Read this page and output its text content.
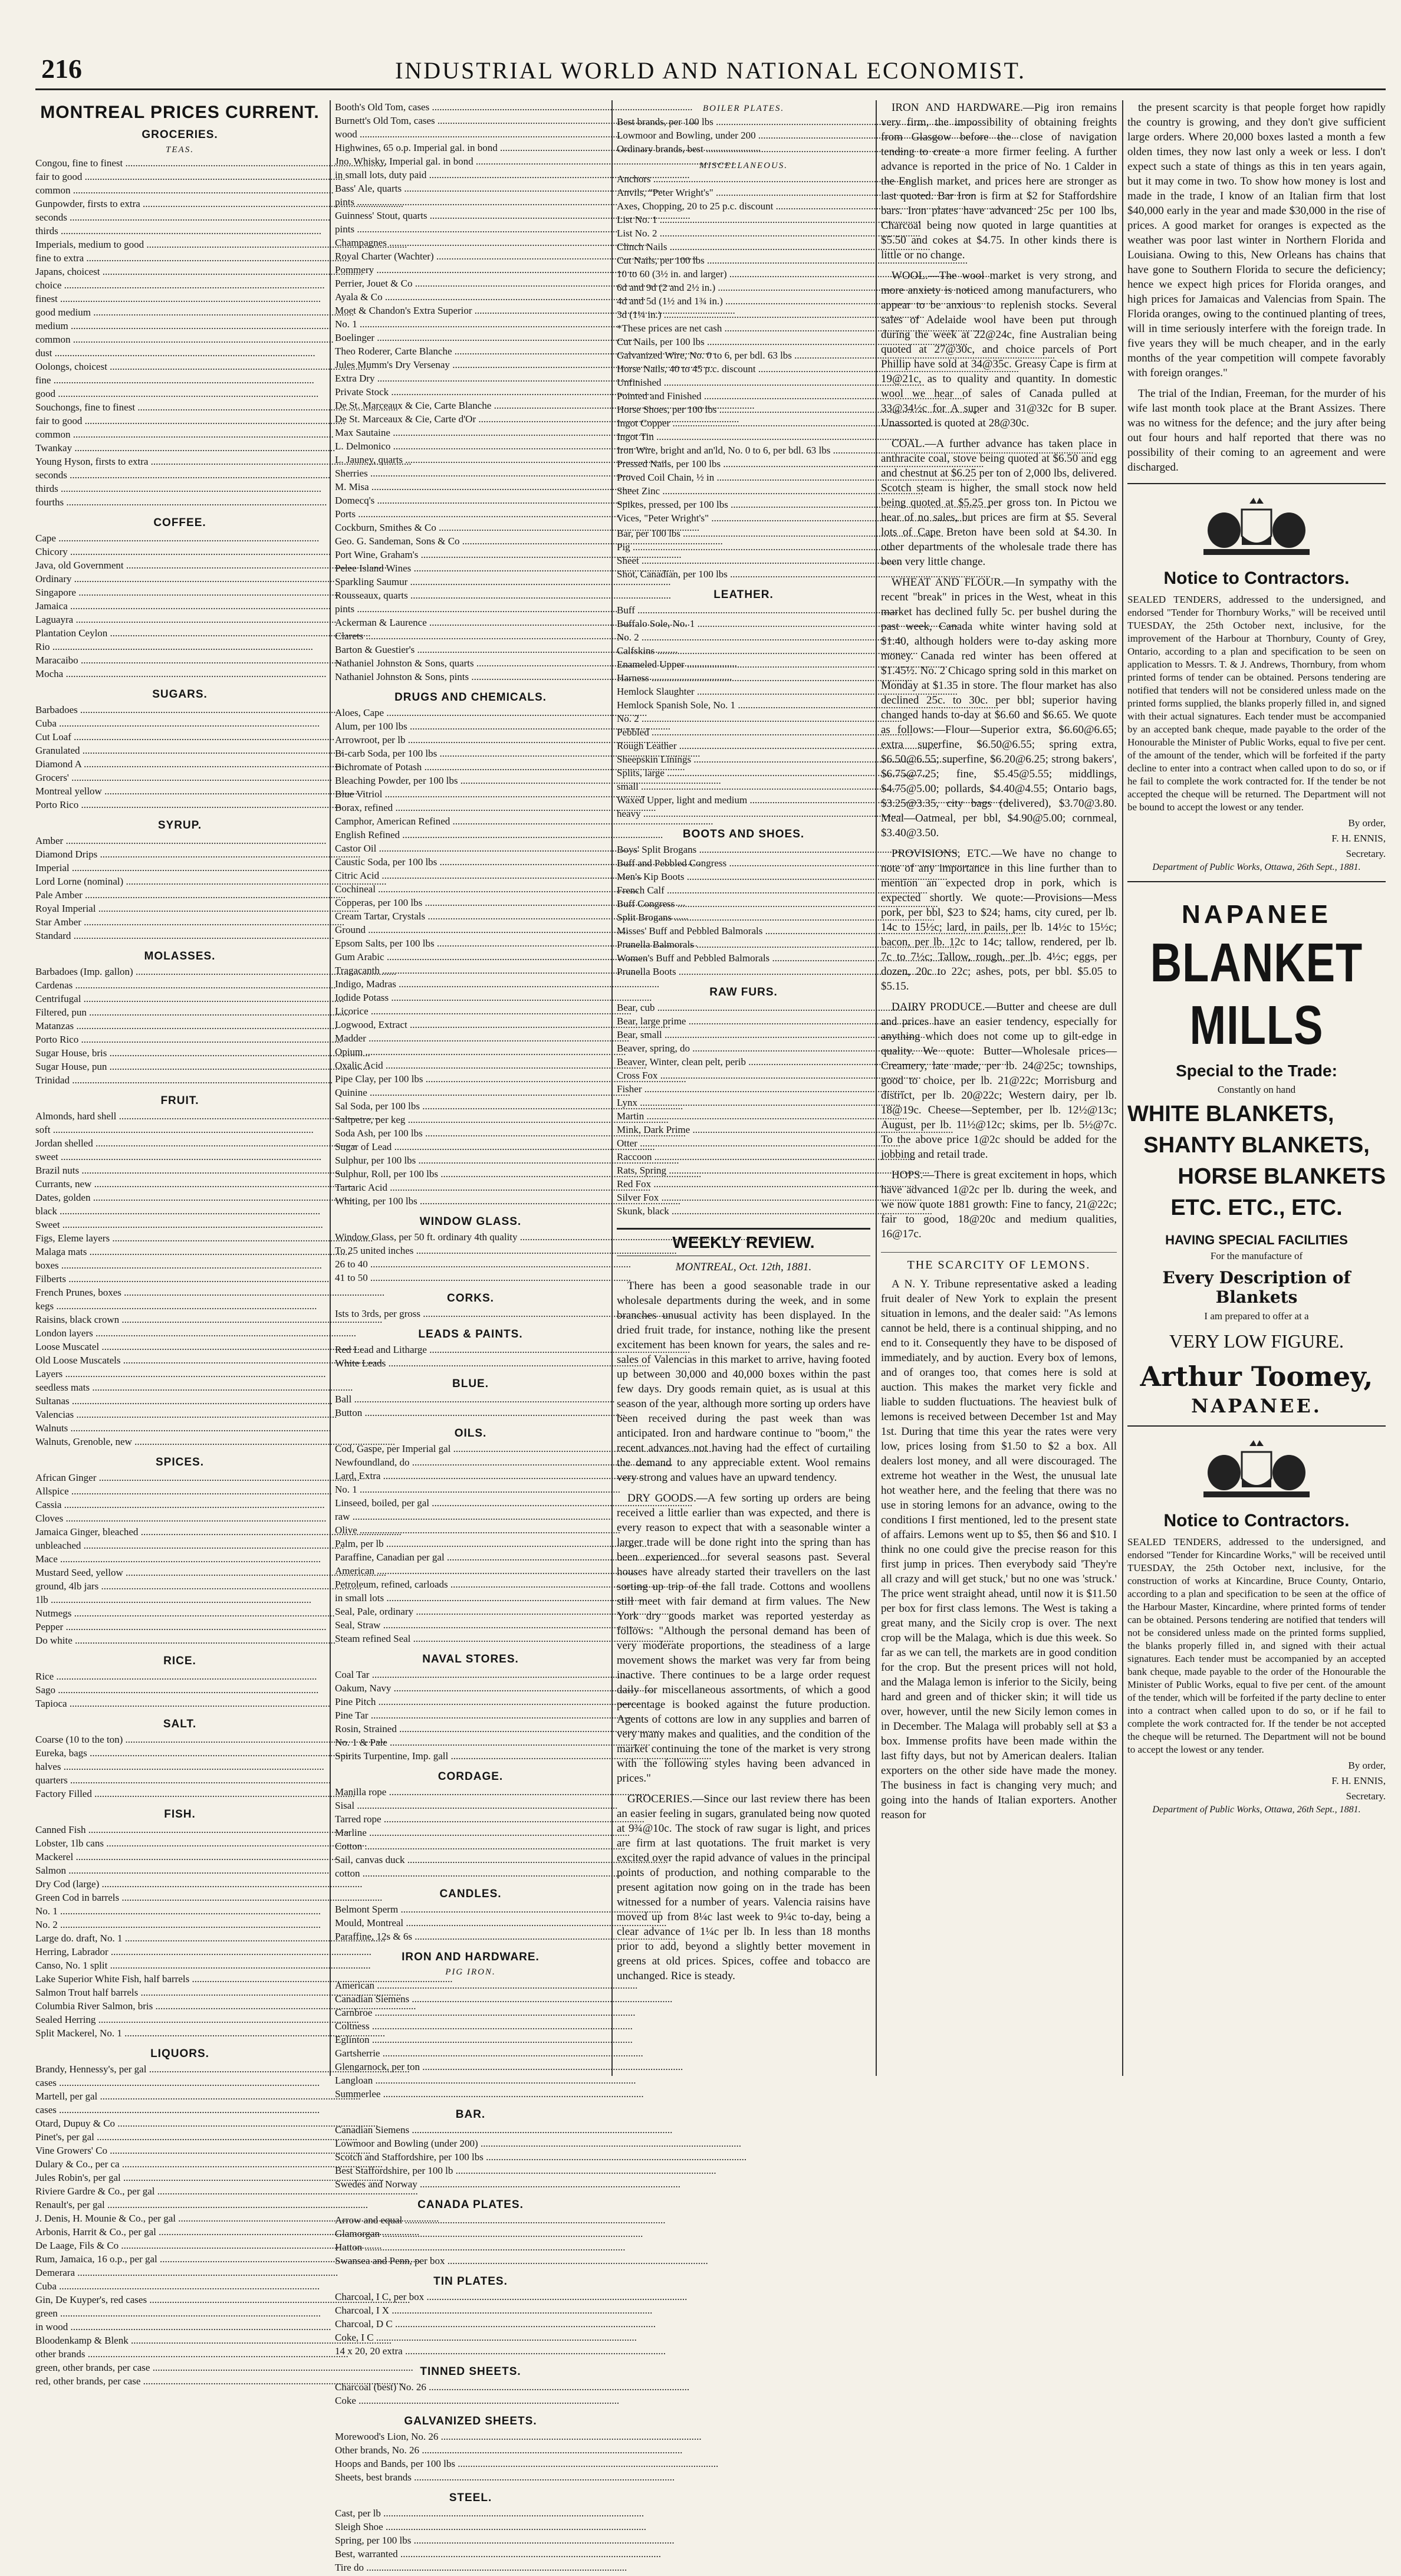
216	INDUSTRIAL WORLD AND NATIONAL ECONOMIST.
MONTREAL PRICES CURRENT.
GROCERIES.
TEAS.
Congou, fine to finest .....
fair to good .....
common .....
Gunpowder, firsts to extra .....
seconds .....
thirds .....
Imperials, medium to good .....
fine to extra .....
Japans, choicest .....
choice .....
finest .....
good medium .....
medium .....
common .....
dust .....
Oolongs, choicest .....
fine .....
good .....
Souchongs, fine to finest .....
fair to good .....
common .....
Twankay .....
Young Hyson, firsts to extra .....
seconds .....
thirds .....
fourths .....
COFFEE.
Cape .....
Chicory .....
Java, old Government .....
Ordinary .....
Singapore .....
Jamaica .....
Laguayra .....
Plantation Ceylon .....
Rio .....
Maracaibo .....
Mocha .....
SUGARS.
Barbadoes .....
Cuba .....
Cut Loaf .....
Granulated .....
Diamond A .....
Grocers' .....
Montreal yellow .....
Porto Rico .....
SYRUP.
Amber .....
Diamond Drips .....
Imperial .....
Lord Lorne (nominal) .....
Pale Amber .....
Royal Imperial .....
Star Amber .....
Standard .....
MOLASSES.
Barbadoes (Imp. gallon) .....
Cardenas .....
Centrifugal .....
Filtered, pun .....
Matanzas .....
Porto Rico .....
Sugar House, bris .....
Sugar House, pun .....
Trinidad .....
FRUIT.
Almonds, hard shell .....
soft .....
Jordan shelled .....
sweet .....
Brazil nuts .....
Currants, new .....
Dates, golden .....
black .....
Sweet .....
Figs, Eleme layers .....
Malaga mats .....
boxes .....
Filberts .....
French Prunes, boxes .....
kegs .....
Raisins, black crown .....
London layers .....
Loose Muscatel .....
Old Loose Muscatels .....
Layers .....
seedless mats .....
Sultanas .....
Valencias .....
Walnuts .....
Walnuts, Grenoble, new .....
SPICES.
African Ginger .....
Allspice .....
Cassia .....
Cloves .....
Jamaica Ginger, bleached .....
unbleached .....
Mace .....
Mustard Seed, yellow .....
ground, 4lb jars .....
1lb .....
Nutmegs .....
Pepper .....
Do white .....
RICE.
Rice .....
Sago .....
Tapioca .....
SALT.
Coarse (10 to the ton) .....
Eureka, bags .....
halves .....
quarters .....
Factory Filled .....
FISH.
Canned Fish .....
Lobster, 1lb cans .....
Mackerel .....
Salmon .....
Dry Cod (large) .....
Green Cod in barrels .....
No. 1 .....
No. 2 .....
Large do. draft, No. 1 .....
Herring, Labrador .....
Canso, No. 1 split .....
Lake Superior White Fish, half barrels .....
Salmon Trout half barrels .....
Columbia River Salmon, bris .....
Sealed Herring .....
Split Mackerel, No. 1 .....
LIQUORS.
Brandy, Hennessy's, per gal .....
cases .....
Martell, per gal .....
cases .....
Otard, Dupuy & Co .....
Pinet's, per gal .....
Vine Growers' Co .....
Dulary & Co., per ca .....
Jules Robin's, per gal .....
Riviere Gardre & Co., per gal .....
Renault's, per gal .....
J. Denis, H. Mounie & Co., per gal .....
Arbonis, Harrit & Co., per gal .....
De Laage, Fils & Co .....
Rum, Jamaica, 16 o.p., per gal .....
Demerara .....
Cuba .....
Gin, De Kuyper's, red cases .....
green .....
in wood .....
Bloodenkamp & Blenk .....
other brands .....
green, other brands, per case .....
red, other brands, per case .....
Booth's Old Tom, cases .....
Burnett's Old Tom, cases .....
wood .....
Highwines, 65 o.p. Imperial gal. in bond .....
Jno. Whisky, Imperial gal. in bond .....
in small lots, duty paid .....
Bass' Ale, quarts .....
pints .....
Guinness' Stout, quarts .....
pints .....
Champagnes .....
Royal Charter (Wachter) .....
Pommery .....
Perrier, Jouet & Co .....
Ayala & Co .....
Moet & Chandon's Extra Superior .....
No. 1 .....
Boelinger .....
Theo Roderer, Carte Blanche .....
Jules Mumm's Dry Versenay .....
Extra Dry .....
Private Stock .....
De St. Marceaux & Cie, Carte Blanche .....
De St. Marceaux & Cie, Carte d'Or .....
Max Sautaine .....
L. Delmonico .....
L. Jauney, quarts .....
Sherries .....
M. Misa .....
Domecq's .....
Ports .....
Cockburn, Smithes & Co .....
Geo. G. Sandeman, Sons & Co .....
Port Wine, Graham's .....
Pelee Island Wines .....
Sparkling Saumur .....
Rousseaux, quarts .....
pints .....
Ackerman & Laurence .....
Clarets .....
Barton & Guestier's .....
Nathaniel Johnston & Sons, quarts .....
Nathaniel Johnston & Sons, pints .....
DRUGS AND CHEMICALS.
Aloes, Cape .....
Alum, per 100 lbs .....
Arrowroot, per lb .....
Bi-carb Soda, per 100 lbs .....
Bichromate of Potash .....
Bleaching Powder, per 100 lbs .....
Blue Vitriol .....
Borax, refined .....
Camphor, American Refined .....
English Refined .....
Castor Oil .....
Caustic Soda, per 100 lbs .....
Citric Acid .....
Cochineal .....
Copperas, per 100 lbs .....
Cream Tartar, Crystals .....
Ground .....
Epsom Salts, per 100 lbs .....
Gum Arabic .....
Tragacanth .....
Indigo, Madras .....
Iodide Potass .....
Licorice .....
Logwood, Extract .....
Madder .....
Opium .....
Oxalic Acid .....
Pipe Clay, per 100 lbs .....
Quinine .....
Sal Soda, per 100 lbs .....
Saltpetre, per keg .....
Soda Ash, per 100 lbs .....
Sugar of Lead .....
Sulphur, per 100 lbs .....
Sulphur, Roll, per 100 lbs .....
Tartaric Acid .....
Whiting, per 100 lbs .....
WINDOW GLASS.
Window Glass, per 50 ft. ordinary 4th quality .....
To 25 united inches .....
26 to 40 .....
41 to 50 .....
CORKS.
Ists to 3rds, per gross .....
LEADS & PAINTS.
Red Lead and Litharge .....
White Leads .....
BLUE.
Ball .....
Button .....
OILS.
Cod, Gaspe, per Imperial gal .....
Newfoundland, do .....
Lard, Extra .....
No. 1 .....
Linseed, boiled, per gal .....
raw .....
Olive .....
Palm, per lb .....
Paraffine, Canadian per gal .....
American .....
Petroleum, refined, carloads .....
in small lots .....
Seal, Pale, ordinary .....
Seal, Straw .....
Steam refined Seal .....
NAVAL STORES.
Coal Tar .....
Oakum, Navy .....
Pine Pitch .....
Pine Tar .....
Rosin, Strained .....
No. 1 & Pale .....
Spirits Turpentine, Imp. gall .....
CORDAGE.
Manilla rope .....
Sisal .....
Tarred rope .....
Marline .....
Cotton .....
Sail, canvas duck .....
cotton .....
CANDLES.
Belmont Sperm .....
Mould, Montreal .....
Paraffine, 12s & 6s .....
IRON AND HARDWARE.
PIG IRON.
American .....
Canadian Siemens .....
Carnbroe .....
Coltness .....
Eglinton .....
Gartsherrie .....
Glengarnock, per ton .....
Langloan .....
Summerlee .....
BAR.
Canadian Siemens .....
Lowmoor and Bowling (under 200) .....
Scotch and Staffordshire, per 100 lbs .....
Best Staffordshire, per 100 lb .....
Swedes and Norway .....
CANADA PLATES.
Arrow and equal .....
Glamorgan .....
Hatton .....
Swansea and Penn, per box .....
TIN PLATES.
Charcoal, I C, per box .....
Charcoal, I X .....
Charcoal, D C .....
Coke, I C .....
14 x 20, 20 extra .....
TINNED SHEETS.
Charcoal (best) No. 26 .....
Coke .....
GALVANIZED SHEETS.
Morewood's Lion, No. 26 .....
Other brands, No. 26 .....
Hoops and Bands, per 100 lbs .....
Sheets, best brands .....
STEEL.
Cast, per lb .....
Sleigh Shoe .....
Spring, per 100 lbs .....
Best, warranted .....
Tire do .....
BOILER PLATES.
Best brands, per 100 lbs .....
Lowmoor and Bowling, under 200 .....
Ordinary brands, best .....
MISCELLANEOUS.
Anchors .....
Anvils, "Peter Wright's" .....
Axes, Chopping, 20 to 25 p.c. discount .....
List No. 1 .....
List No. 2 .....
Clinch Nails .....
Cut Nails, per 100 lbs .....
10 to 60 (3½ in. and larger) .....
6d and 9d (2 and 2½ in.) .....
4d and 5d (1½ and 1¾ in.) .....
3d (1¼ in.) .....
*These prices are net cash .....
Cut Nails, per 100 lbs .....
Galvanized Wire, No. 0 to 6, per bdl. 63 lbs .....
Horse Nails, 40 to 45 p.c. discount .....
Unfinished .....
Pointed and Finished .....
Horse Shoes, per 100 lbs .....
Ingot Copper .....
Ingot Tin .....
Iron Wire, bright and an'ld, No. 0 to 6, per bdl. 63 lbs .....
Pressed Nails, per 100 lbs .....
Proved Coil Chain, ½ in .....
Sheet Zinc .....
Spikes, pressed, per 100 lbs .....
Vices, "Peter Wright's" .....
Bar, per 100 lbs .....
Pig .....
Sheet .....
Shot, Canadian, per 100 lbs .....
LEATHER.
Buff .....
Buffalo Sole, No. 1 .....
No. 2 .....
Calfskins .....
Enameled Upper .....
Harness .....
Hemlock Slaughter .....
Hemlock Spanish Sole, No. 1 .....
No. 2 .....
Pebbled .....
Rough Leather .....
Sheepskin Linings .....
Splits, large .....
small .....
Waxed Upper, light and medium .....
heavy .....
BOOTS AND SHOES.
Boys' Split Brogans .....
Buff and Pebbled Congress .....
Men's Kip Boots .....
French Calf .....
Buff Congress .....
Split Brogans .....
Misses' Buff and Pebbled Balmorals .....
Prunella Balmorals .....
Women's Buff and Pebbled Balmorals .....
Prunella Boots .....
RAW FURS.
Bear, cub .....
Bear, large prime .....
Bear, small .....
Beaver, spring, do .....
Beaver, Winter, clean pelt, perib .....
Cross Fox .....
Fisher .....
Lynx .....
Martin .....
Mink, Dark Prime .....
Otter .....
Raccoon .....
Rats, Spring .....
Red Fox .....
Silver Fox .....
Skunk, black .....
WEEKLY REVIEW.
MONTREAL, Oct. 12th, 1881.

There has been a good seasonable trade in our wholesale departments during the week, and in some branches unusual activity has been displayed. In the dried fruit trade, for instance, nothing like the present excitement has been known for years, the sales and re-sales of Valencias in this market to arrive, having footed up between 30,000 and 40,000 boxes within the past few days. Dry goods remain quiet, as is usual at this season of the year, although more sorting up orders have been received during the past week than was anticipated. Iron and hardware continue to "boom," the recent advances not having had the effect of curtailing the demand to any appreciable extent. Wool remains very strong and values have an upward tendency.

DRY GOODS.—A few sorting up orders are being received a little earlier than was expected, and there is every reason to expect that with a seasonable winter a larger trade will be done right into the spring than has been experienced for several seasons past. Several houses have already started their travellers on the last sorting up trip of the fall trade. Cottons and woollens still meet with fair demand at firm values. The New York dry goods market was reported yesterday as follows: "Although the personal demand has been of very moderate proportions, the steadiness of a large movement shows the market was very far from being inactive. There continues to be a large order request daily for miscellaneous assortments, of which a good percentage is booked against the future production. Agents of cottons are low in any supplies and barren of very many makes and qualities, and the condition of the market continuing the tone of the market is very strong with the following styles having been advanced in prices."

GROCERIES.—Since our last review there has been an easier feeling in sugars, granulated being now quoted at 9¾@10c. The stock of raw sugar is light, and prices are firm at last quotations. The fruit market is very excited over the rapid advance of values in the principal points of production, and nothing comparable to the present agitation now going on in the trade has been witnessed for a number of years. Valencia raisins have moved up from 8¼c last week to 9¼c to-day, being a clear advance of 1¼c per lb. In less than 18 months prior to add, beyond a slightly better movement in greens at old prices. Spices, coffee and tobacco are unchanged. Rice is steady.

IRON AND HARDWARE.—Pig iron remains very firm, the impossibility of obtaining freights from Glasgow before the close of navigation tending to create a more firmer feeling. A further advance is reported in the price of No. 1 Calder in the English market, and prices here are stronger as last quoted. Bar Iron is firm at $2 for Staffordshire bars. Iron plates have advanced 25c per 100 lbs, Charcoal being now quoted in large quantities at $5.50 and cokes at $4.75. In other kinds there is little or no change.

WOOL.—The wool market is very strong, and more anxiety is noticed among manufacturers, who appear to be anxious to replenish stocks. Several sales of Adelaide wool have been put through during the week at 22@24c, fine Australian being quoted at 27@30c, and choice parcels of Port Phillip have sold at 34@35c. Greasy Cape is firm at 19@21c, as to quality and quantity. In domestic wool we hear of sales of Canada pulled at 33@34½c for A super and 31@32c for B super. Unassorted is quoted at 28@30c.

COAL.—A further advance has taken place in anthracite coal, stove being quoted at $6.50 and egg and chestnut at $6.25 per ton of 2,000 lbs, delivered. Scotch steam is higher, the small stock now held being quoted at $5.25 per gross ton. In Pictou we hear of no sales, but prices are firm at $5. Several lots of Cape Breton have been sold at $4.30. In other departments of the wholesale trade there has been very little change.

WHEAT AND FLOUR.—In sympathy with the recent "break" in prices in the West, wheat in this market has declined fully 5c. per bushel during the past week, Canada white winter having sold at $1.40, although holders were to-day asking more money. Canada red winter has been offered at $1.45½. No. 2 Chicago spring sold in this market on Monday at $1.35 in store. The flour market has also declined 25c. to 30c. per bbl; superior having changed hands to-day at $6.60 and $6.65. We quote as follows:—Flour—Superior extra, $6.60@6.65; extra superfine, $6.50@6.55; spring extra, $6.50@6.55; superfine, $6.20@6.25; strong bakers', $6.75@7.25; fine, $5.45@5.55; middlings, $4.75@5.00; pollards, $4.40@4.55; Ontario bags, $3.25@3.35, city bags (delivered), $3.70@3.80. Meal—Oatmeal, per bbl, $4.90@5.00; cornmeal, $3.40@3.50.

PROVISIONS, ETC.—We have no change to note of any importance in this line further than to mention an expected drop in pork, which is expected shortly. We quote:—Provisions—Mess pork, per bbl, $23 to $24; hams, city cured, per lb. 14c to 15½c; lard, in pails, per lb. 14½c to 15½c; bacon, per lb. 12c to 14c; tallow, rendered, per lb. 7c to 7½c; Tallow, rough, per lb. 4½c; eggs, per dozen, 20c to 22c; ashes, pots, per bbl. $5.05 to $5.15.

DAIRY PRODUCE.—Butter and cheese are dull and prices have an easier tendency, especially for anything which does not come up to gilt-edge in quality. We quote: Butter—Wholesale prices—Creamery, late made, per lb. 24@25c; townships, good to choice, per lb. 21@22c; Morrisburg and district, per lb. 20@22c; Western dairy, per lb. 18@19c. Cheese—September, per lb. 12½@13c; August, per lb. 11½@12c; skims, per lb. 5½@7c. To the above price 1@2c should be added for the jobbing and retail trade.

HOPS.—There is great excitement in hops, which have advanced 1@2c per lb. during the week, and we now quote 1881 growth: Fine to fancy, 21@22c; fair to good, 18@20c and medium qualities, 16@17c.

THE SCARCITY OF LEMONS.

A N. Y. Tribune representative asked a leading fruit dealer of New York to explain the present situation in lemons, and the dealer said: "As lemons cannot be held, there is a continual shipping, and no end to it. Consequently they have to be disposed of immediately, and by auction. Every box of lemons, and of oranges too, that comes here is sold at auction. This makes the market very fickle and liable to sudden fluctuations. The heaviest bulk of lemons is received between December 1st and May 1st. During that time this year the rates were very low, prices losing from $1.50 to $2 a box. All dealers lost money, and all were discouraged. The extreme hot weather in the West, the unusual late hot weather here, and the feeling that there was no use in storing lemons for an advance, owing to the conditions I first mentioned, led to the present state of affairs. Lemons went up to $5, then $6 and $10. I think no one could give the precise reason for this first jump in prices. Then everybody said 'They're all crazy and will get stuck,' but no one was 'struck.' The price went straight ahead, until now it is $11.50 per box for first class lemons. The West is taking a great many, and the Sicily crop is over. The next crop will be the Malaga, which is due this week. So far as we can tell, the markets are in good condition for the crop. But the present prices will not hold, and the Malaga lemon is inferior to the Sicily, being hard and green and of thicker skin; it will tide us over, however, until the new Sicily lemon comes in in December. The Malaga will probably sell at $3 a box. Immense profits have been made within the last fifty days, but not by American dealers. Italian exporters on the other side have made the money. The business in fact is changing very much; and going into the hands of Italian exporters. Another reason for

the present scarcity is that people forget how rapidly the country is growing, and they don't give sufficient large orders. Where 20,000 boxes lasted a month a few olden times, they now last only a week or less. I don't expect such a state of things as this in ten years again, but it may come in two. To show how money is lost and made in the trade, I know of an Italian firm that lost $40,000 early in the year and made $30,000 in the rise of prices. A good market for oranges is expected as the weather was poor last winter in Northern Florida and Louisiana. Owing to this, New Orleans has chains that have gone to Southern Florida to secure the deficiency; hence we expect high prices for Florida oranges, and high prices for Jamaicas and Valencias from Spain. The Florida oranges, owing to the continued planting of trees, will in time seriously interfere with the foreign trade. In five years they will be much cheaper, and in the early months of the year competition will compete favorably with foreign oranges."

The trial of the Indian, Freeman, for the murder of his wife last month took place at the Brant Assizes. There was no witness for the defence; and the jury after being out four hours and half reported that there was no possibility of their coming to an agreement and were discharged.

Notice to Contractors.
SEALED TENDERS, addressed to the undersigned, and endorsed "Tender for Thornbury Works," will be received until TUESDAY, the 25th October next, inclusive, for the improvement of the Harbour at Thornbury, County of Grey, Ontario, according to a plan and specification to be seen on application to Messrs. T. & J. Andrews, Thornbury, from whom printed forms of tender can be obtained. Persons tendering are notified that tenders will not be considered unless made on the printed forms supplied, the blanks properly filled in, and signed with their actual signatures. Each tender must be accompanied by an accepted bank cheque, made payable to the order of the Honourable the Minister of Public Works, equal to five per cent. of the amount of the tender, which will be forfeited if the party decline to enter into a contract when called upon to do so, or if he fail to complete the work contracted for. If the tender be not accepted the cheque will be returned. The Department will not be bound to accept the lowest or any tender.
By order,
F. H. ENNIS,
Secretary.
Department of Public Works, Ottawa, 26th Sept., 1881.
NAPANEE
BLANKET MILLS
Special to the Trade:
Constantly on hand
WHITE BLANKETS,
SHANTY BLANKETS,
HORSE BLANKETS
ETC. ETC., ETC.
HAVING SPECIAL FACILITIES
For the manufacture of
Every Description of Blankets
I am prepared to offer at a
VERY LOW FIGURE.
Arthur Toomey,
NAPANEE.
Notice to Contractors.
SEALED TENDERS, addressed to the undersigned, and endorsed "Tender for Kincardine Works," will be received until TUESDAY, the 25th October next, inclusive, for the construction of works at Kincardine, Bruce County, Ontario, according to a plan and specification to be seen at the office of the Harbour Master, Kincardine, where printed forms of tender can be obtained. Persons tendering are notified that tenders will not be considered unless made on the printed forms supplied, the blanks properly filled in, and signed with their actual signatures. Each tender must be accompanied by an accepted bank cheque, made payable to the order of the Honourable the Minister of Public Works, equal to five per cent. of the amount of the tender, which will be forfeited if the party decline to enter into a contract when called upon to do so, or if he fail to complete the work contracted for. If the tender be not accepted the cheque will be returned. The Department will not be bound to accept the lowest or any tender.
By order,
F. H. ENNIS,
Secretary.
Department of Public Works, Ottawa, 26th Sept., 1881.
